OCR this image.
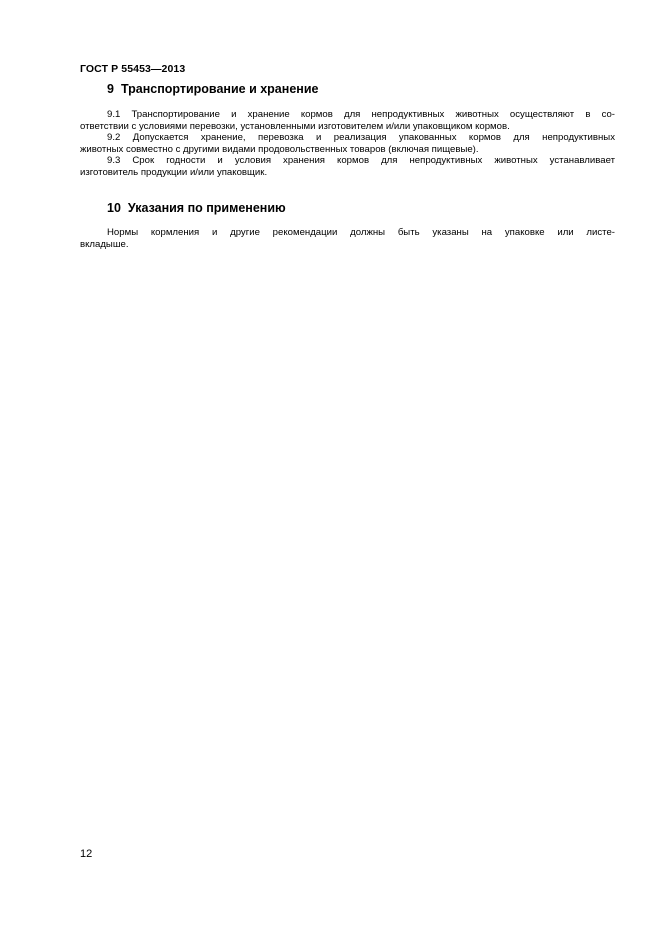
ГОСТ Р 55453—2013
9 Транспортирование и хранение
9.1 Транспортирование и хранение кормов для непродуктивных животных осуществляют в со-
ответствии с условиями перевозки, установленными изготовителем и/или упаковщиком кормов.
9.2 Допускается хранение, перевозка и реализация упакованных кормов для непродуктивных
животных совместно с другими видами продовольственных товаров (включая пищевые).
9.3 Срок годности и условия хранения кормов для непродуктивных животных устанавливает
изготовитель продукции и/или упаковщик.
10 Указания по применению
Нормы кормления и другие рекомендации должны быть указаны на упаковке или листе-
вкладыше.
12
